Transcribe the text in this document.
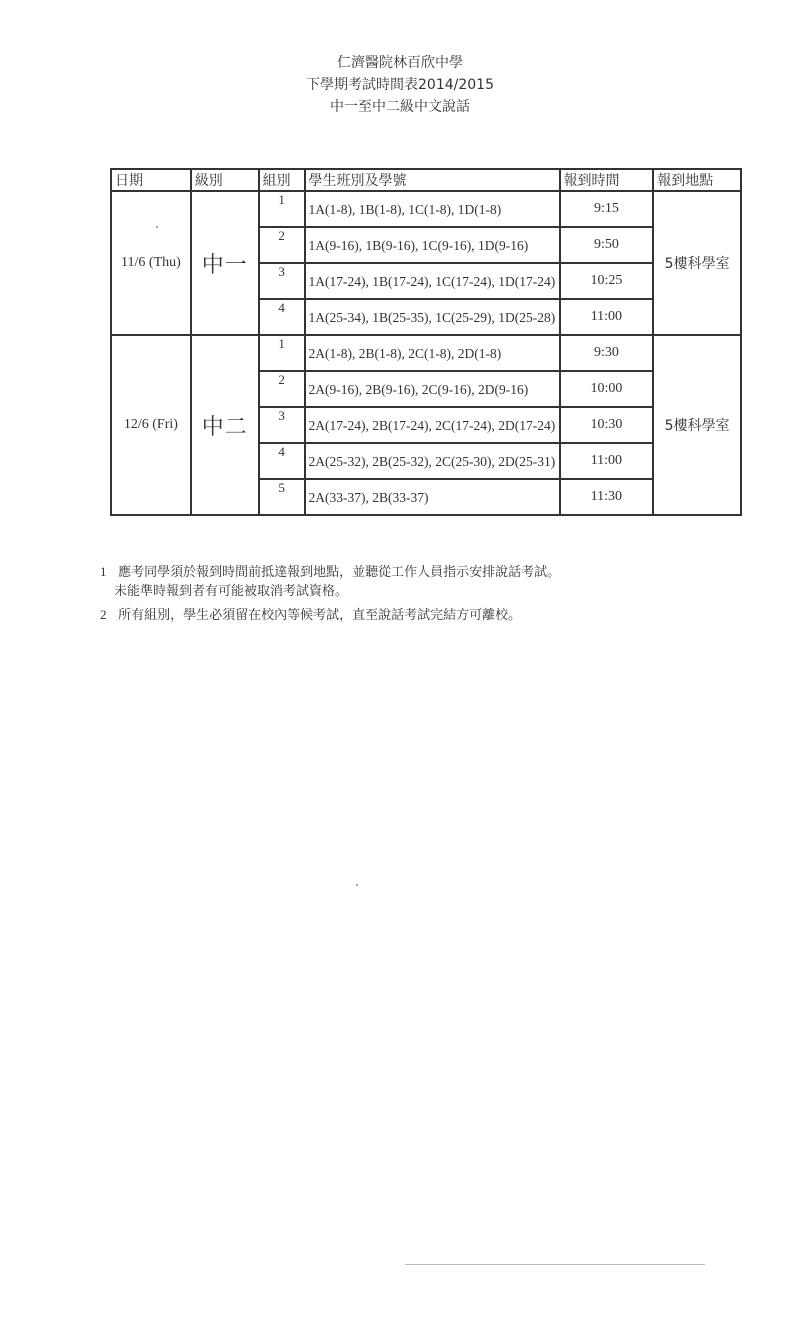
仁濟醫院林百欣中學
下學期考試時間表2014/2015
中一至中二級中文說話
日期	級別	組別	學生班別及學號	報到時間	報到地點
11/6 (Thu)	中一	1	1A(1-8), 1B(1-8), 1C(1-8), 1D(1-8)	9:15	5樓科學室
		2	1A(9-16), 1B(9-16), 1C(9-16), 1D(9-16)	9:50	
		3	1A(17-24), 1B(17-24), 1C(17-24), 1D(17-24)	10:25	
		4	1A(25-34), 1B(25-35), 1C(25-29), 1D(25-28)	11:00	
12/6 (Fri)	中二	1	2A(1-8), 2B(1-8), 2C(1-8), 2D(1-8)	9:30	5樓科學室
		2	2A(9-16), 2B(9-16), 2C(9-16), 2D(9-16)	10:00	
		3	2A(17-24), 2B(17-24), 2C(17-24), 2D(17-24)	10:30	
		4	2A(25-32), 2B(25-32), 2C(25-30), 2D(25-31)	11:00	
		5	2A(33-37), 2B(33-37)	11:30	
1 應考同學須於報到時間前抵達報到地點，並聽從工作人員指示安排說話考試。
未能準時報到者有可能被取消考試資格。
2 所有組別，學生必須留在校內等候考試，直至說話考試完結方可離校。
